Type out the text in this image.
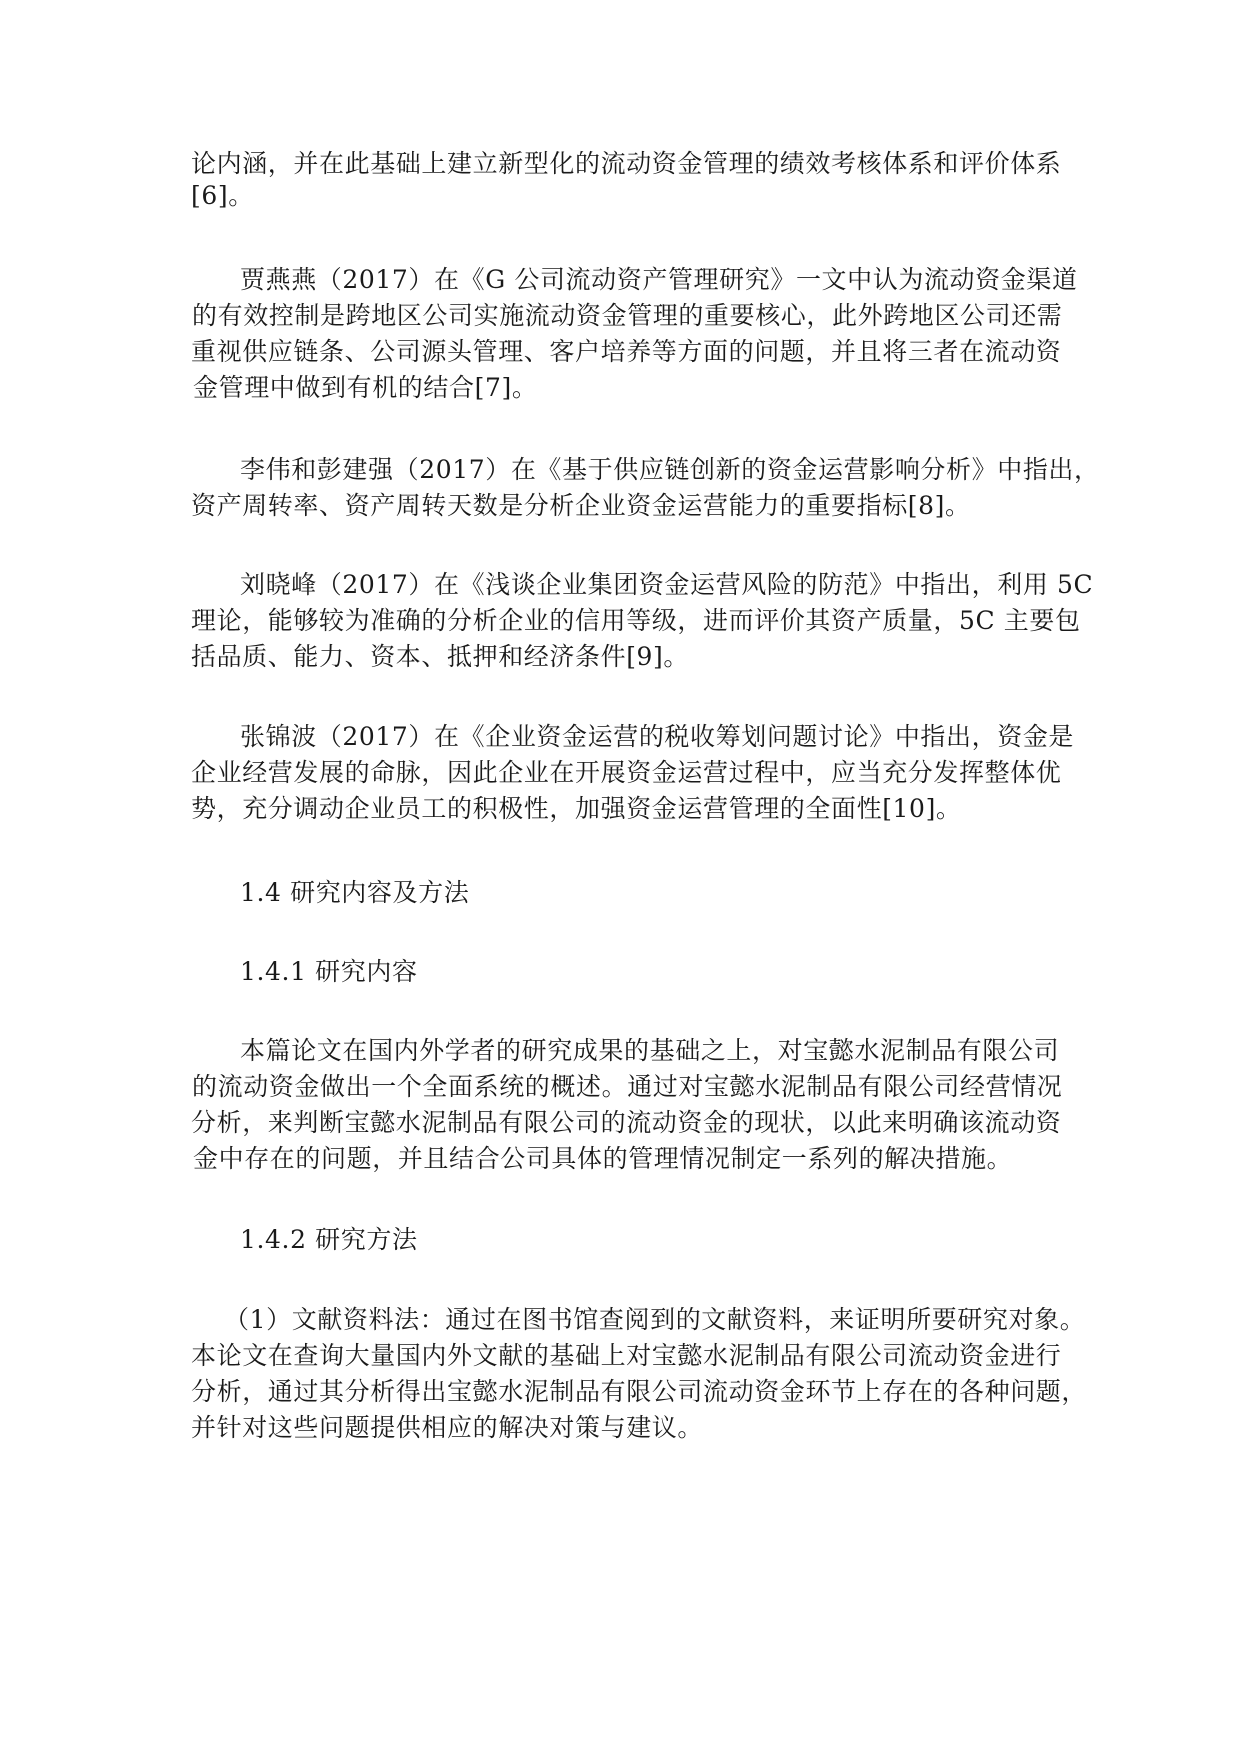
论内涵，并在此基础上建立新型化的流动资金管理的绩效考核体系和评价体系
[6]。
贾燕燕（2017）在《G 公司流动资产管理研究》一文中认为流动资金渠道
的有效控制是跨地区公司实施流动资金管理的重要核心，此外跨地区公司还需
重视供应链条、公司源头管理、客户培养等方面的问题，并且将三者在流动资
金管理中做到有机的结合[7]。
李伟和彭建强（2017）在《基于供应链创新的资金运营影响分析》中指出，
资产周转率、资产周转天数是分析企业资金运营能力的重要指标[8]。
刘晓峰（2017）在《浅谈企业集团资金运营风险的防范》中指出，利用 5C
理论，能够较为准确的分析企业的信用等级，进而评价其资产质量，5C 主要包
括品质、能力、资本、抵押和经济条件[9]。
张锦波（2017）在《企业资金运营的税收筹划问题讨论》中指出，资金是
企业经营发展的命脉，因此企业在开展资金运营过程中，应当充分发挥整体优
势，充分调动企业员工的积极性，加强资金运营管理的全面性[10]。
1.4 研究内容及方法
1.4.1 研究内容
本篇论文在国内外学者的研究成果的基础之上，对宝懿水泥制品有限公司
的流动资金做出一个全面系统的概述。通过对宝懿水泥制品有限公司经营情况
分析，来判断宝懿水泥制品有限公司的流动资金的现状，以此来明确该流动资
金中存在的问题，并且结合公司具体的管理情况制定一系列的解决措施。
1.4.2 研究方法
（1）文献资料法：通过在图书馆查阅到的文献资料，来证明所要研究对象。
本论文在查询大量国内外文献的基础上对宝懿水泥制品有限公司流动资金进行
分析，通过其分析得出宝懿水泥制品有限公司流动资金环节上存在的各种问题，
并针对这些问题提供相应的解决对策与建议。
